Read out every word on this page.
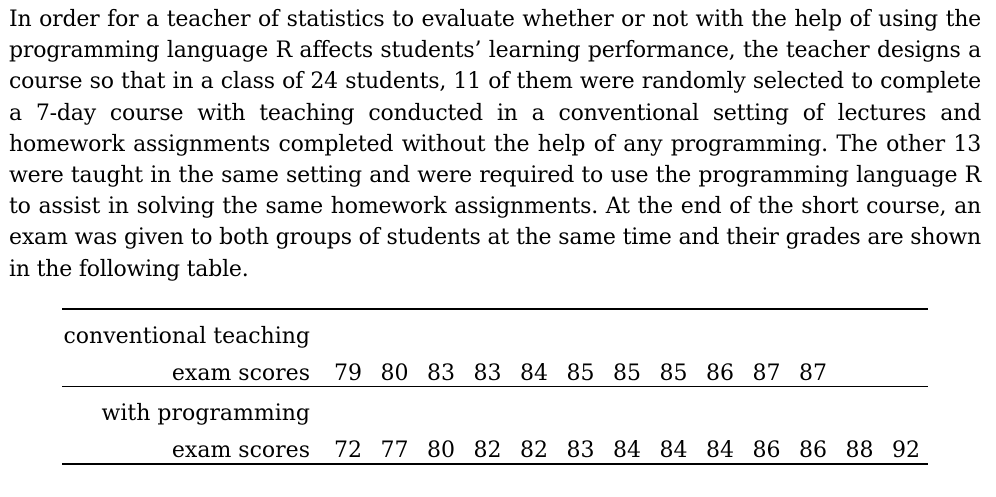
In order for a teacher of statistics to evaluate whether or not with the help of using the programming language R affects students’ learning performance, the teacher designs a course so that in a class of 24 students, 11 of them were randomly selected to complete a 7-day course with teaching conducted in a conventional setting of lectures and homework assignments completed without the help of any programming. The other 13 were taught in the same setting and were required to use the programming language R to assist in solving the same homework assignments. At the end of the short course, an exam was given to both groups of students at the same time and their grades are shown in the following table.

conventional teaching
exam scores 79 80 83 83 84 85 85 85 86 87 87
with programming
exam scores 72 77 80 82 82 83 84 84 84 86 86 88 92
